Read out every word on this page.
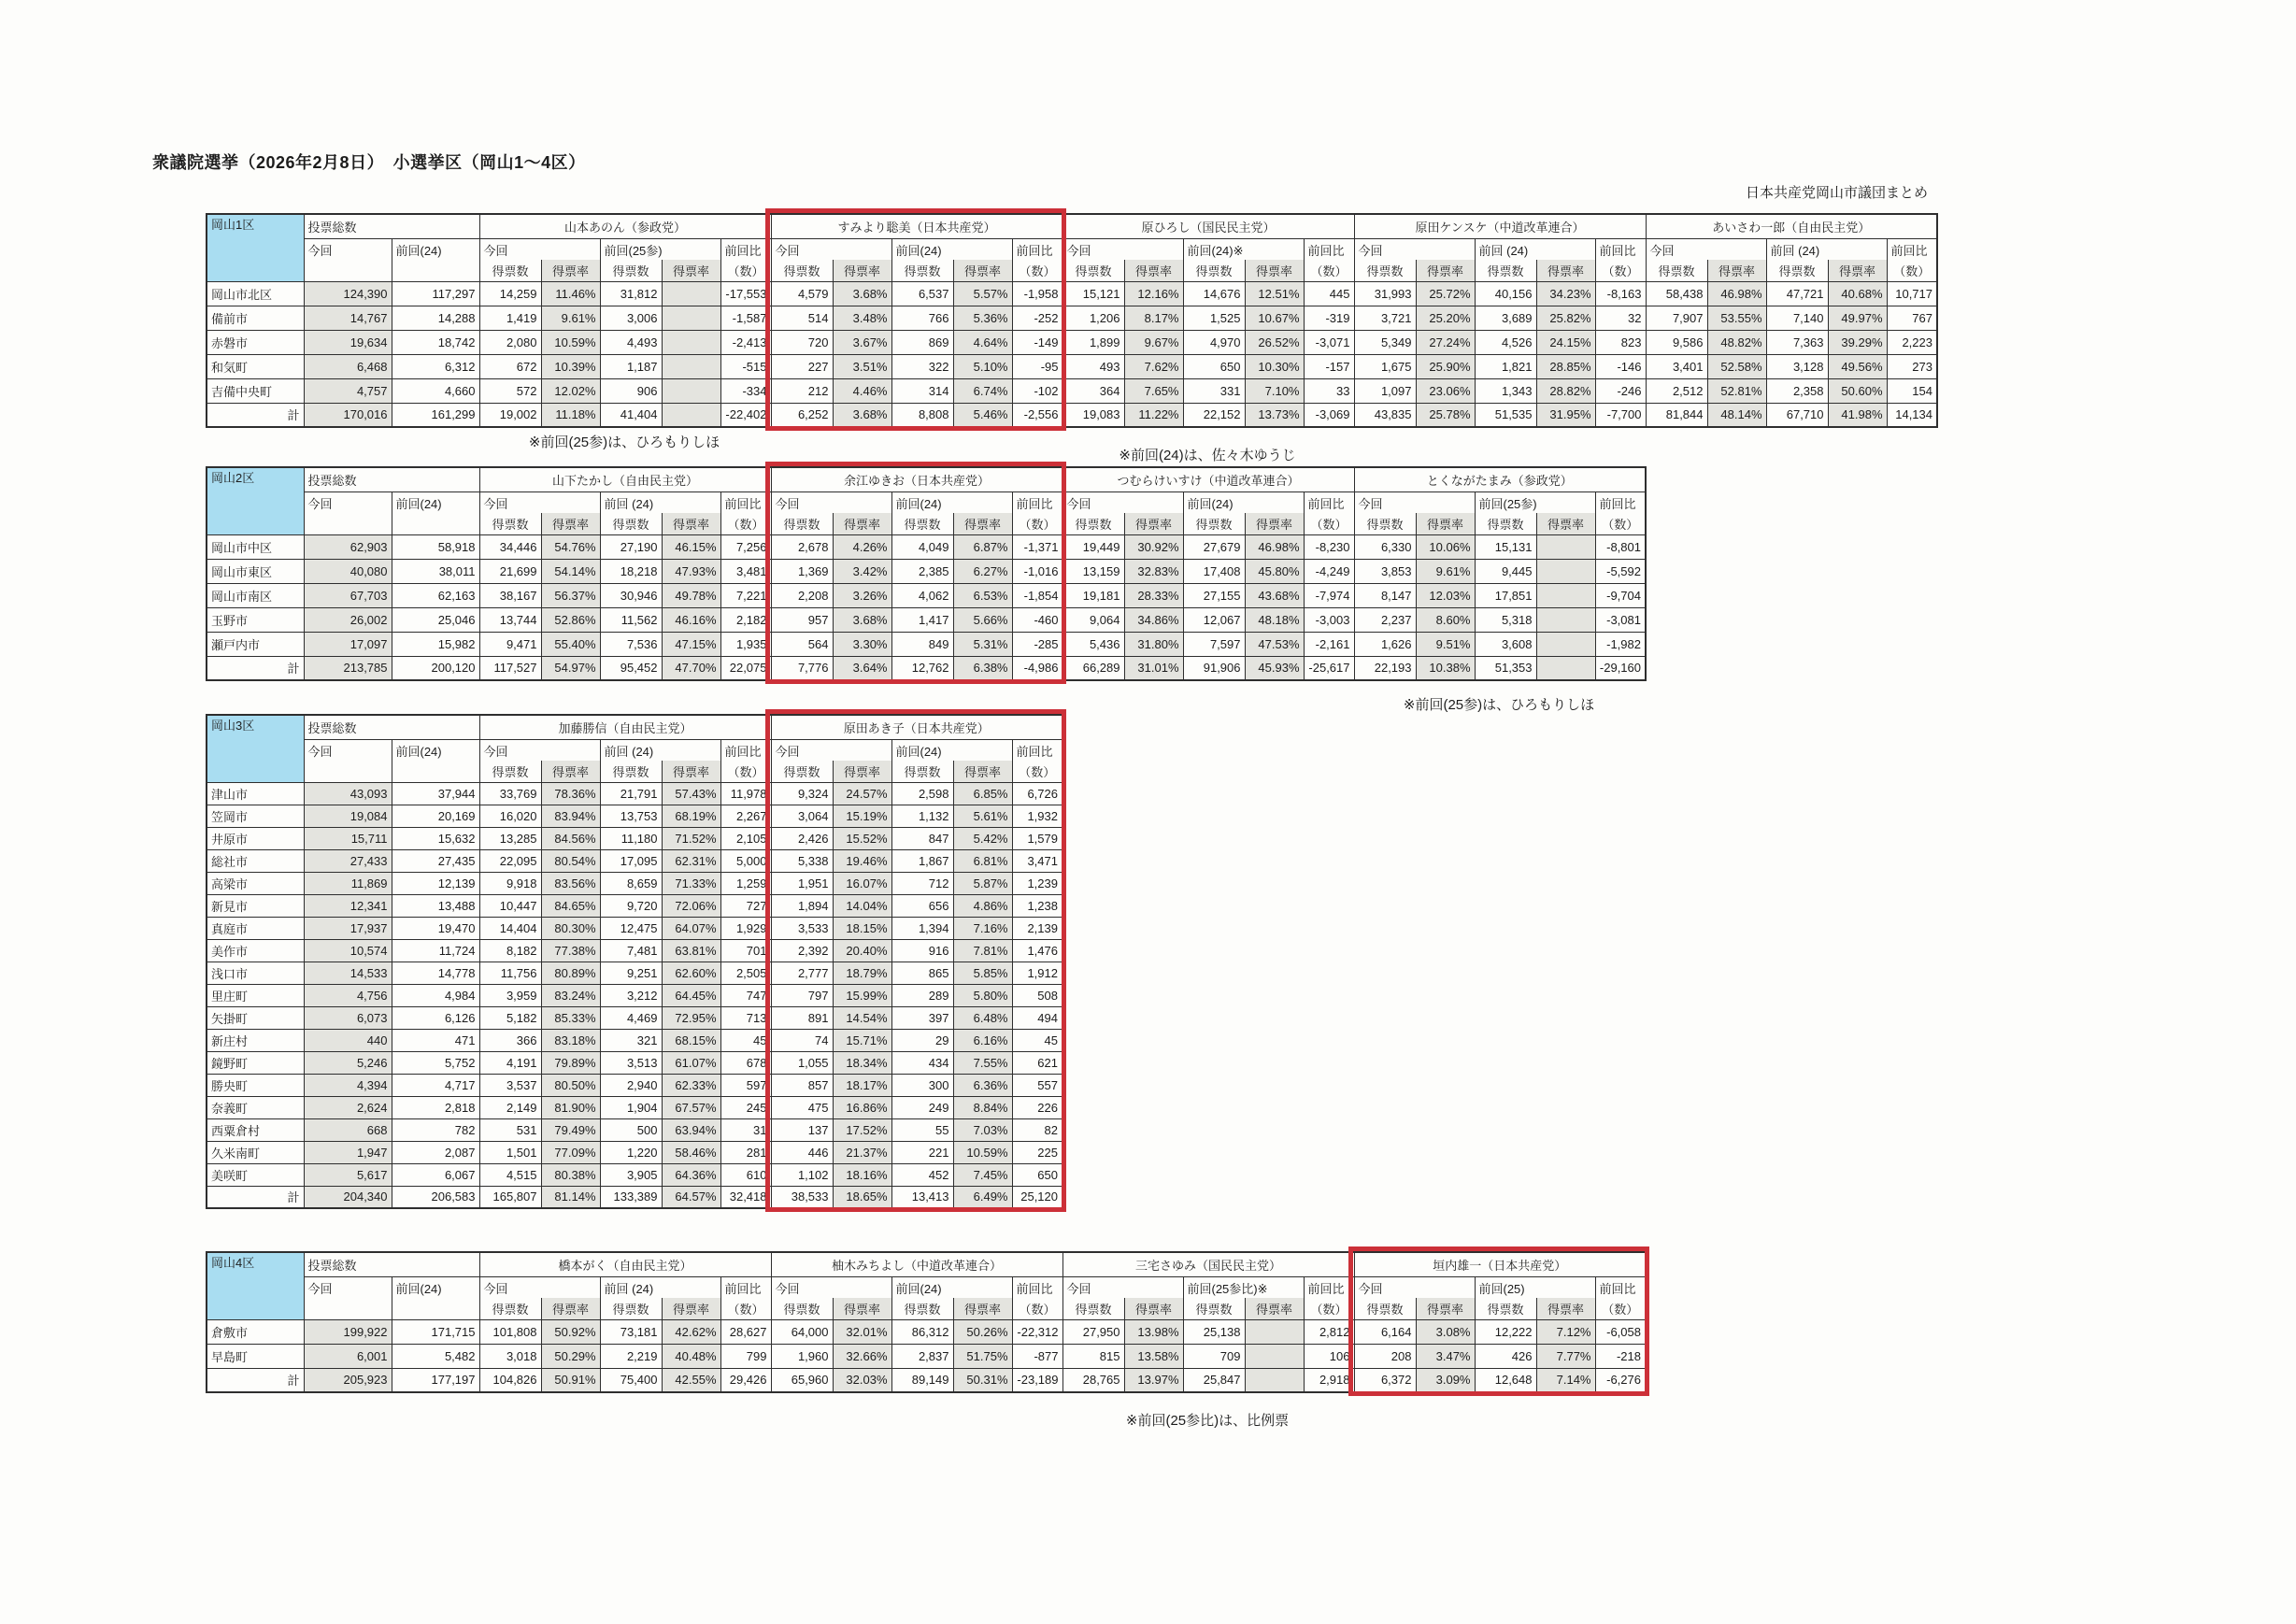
衆議院選挙（2026年2月8日）　小選挙区（岡山1～4区）
日本共産党岡山市議団まとめ
岡山1区	投票総数		山本あのん（参政党）					すみより聡美（日本共産党）					原ひろし（国民民主党）					原田ケンスケ（中道改革連合）					あいさわ一郎（自由民主党）				
	今回	前回(24)	今回		前回(25参)		前回比	今回		前回(24)		前回比	今回		前回(24)※		前回比	今回		前回 (24)		前回比	今回		前回 (24)		前回比
			得票数	得票率	得票数	得票率	（数）	得票数	得票率	得票数	得票率	（数）	得票数	得票率	得票数	得票率	（数）	得票数	得票率	得票数	得票率	（数）	得票数	得票率	得票数	得票率	（数）
岡山市北区	124,390	117,297	14,259	11.46%	31,812		-17,553	4,579	3.68%	6,537	5.57%	-1,958	15,121	12.16%	14,676	12.51%	445	31,993	25.72%	40,156	34.23%	-8,163	58,438	46.98%	47,721	40.68%	10,717
備前市	14,767	14,288	1,419	9.61%	3,006		-1,587	514	3.48%	766	5.36%	-252	1,206	8.17%	1,525	10.67%	-319	3,721	25.20%	3,689	25.82%	32	7,907	53.55%	7,140	49.97%	767
赤磐市	19,634	18,742	2,080	10.59%	4,493		-2,413	720	3.67%	869	4.64%	-149	1,899	9.67%	4,970	26.52%	-3,071	5,349	27.24%	4,526	24.15%	823	9,586	48.82%	7,363	39.29%	2,223
和気町	6,468	6,312	672	10.39%	1,187		-515	227	3.51%	322	5.10%	-95	493	7.62%	650	10.30%	-157	1,675	25.90%	1,821	28.85%	-146	3,401	52.58%	3,128	49.56%	273
吉備中央町	4,757	4,660	572	12.02%	906		-334	212	4.46%	314	6.74%	-102	364	7.65%	331	7.10%	33	1,097	23.06%	1,343	28.82%	-246	2,512	52.81%	2,358	50.60%	154
計	170,016	161,299	19,002	11.18%	41,404		-22,402	6,252	3.68%	8,808	5.46%	-2,556	19,083	11.22%	22,152	13.73%	-3,069	43,835	25.78%	51,535	31.95%	-7,700	81,844	48.14%	67,710	41.98%	14,134
※前回(25参)は、ひろもりしほ
※前回(24)は、佐々木ゆうじ
岡山2区	投票総数		山下たかし（自由民主党）					余江ゆきお（日本共産党）					つむらけいすけ（中道改革連合）					とくながたまみ（参政党）				
	今回	前回(24)	今回		前回 (24)		前回比	今回		前回(24)		前回比	今回		前回(24)		前回比	今回		前回(25参)		前回比
			得票数	得票率	得票数	得票率	（数）	得票数	得票率	得票数	得票率	（数）	得票数	得票率	得票数	得票率	（数）	得票数	得票率	得票数	得票率	（数）
岡山市中区	62,903	58,918	34,446	54.76%	27,190	46.15%	7,256	2,678	4.26%	4,049	6.87%	-1,371	19,449	30.92%	27,679	46.98%	-8,230	6,330	10.06%	15,131		-8,801
岡山市東区	40,080	38,011	21,699	54.14%	18,218	47.93%	3,481	1,369	3.42%	2,385	6.27%	-1,016	13,159	32.83%	17,408	45.80%	-4,249	3,853	9.61%	9,445		-5,592
岡山市南区	67,703	62,163	38,167	56.37%	30,946	49.78%	7,221	2,208	3.26%	4,062	6.53%	-1,854	19,181	28.33%	27,155	43.68%	-7,974	8,147	12.03%	17,851		-9,704
玉野市	26,002	25,046	13,744	52.86%	11,562	46.16%	2,182	957	3.68%	1,417	5.66%	-460	9,064	34.86%	12,067	48.18%	-3,003	2,237	8.60%	5,318		-3,081
瀬戸内市	17,097	15,982	9,471	55.40%	7,536	47.15%	1,935	564	3.30%	849	5.31%	-285	5,436	31.80%	7,597	47.53%	-2,161	1,626	9.51%	3,608		-1,982
計	213,785	200,120	117,527	54.97%	95,452	47.70%	22,075	7,776	3.64%	12,762	6.38%	-4,986	66,289	31.01%	91,906	45.93%	-25,617	22,193	10.38%	51,353		-29,160
※前回(25参)は、ひろもりしほ
岡山3区	投票総数		加藤勝信（自由民主党）					原田あき子（日本共産党）				
	今回	前回(24)	今回		前回 (24)		前回比	今回		前回(24)		前回比
			得票数	得票率	得票数	得票率	（数）	得票数	得票率	得票数	得票率	（数）
津山市	43,093	37,944	33,769	78.36%	21,791	57.43%	11,978	9,324	24.57%	2,598	6.85%	6,726
笠岡市	19,084	20,169	16,020	83.94%	13,753	68.19%	2,267	3,064	15.19%	1,132	5.61%	1,932
井原市	15,711	15,632	13,285	84.56%	11,180	71.52%	2,105	2,426	15.52%	847	5.42%	1,579
総社市	27,433	27,435	22,095	80.54%	17,095	62.31%	5,000	5,338	19.46%	1,867	6.81%	3,471
高梁市	11,869	12,139	9,918	83.56%	8,659	71.33%	1,259	1,951	16.07%	712	5.87%	1,239
新見市	12,341	13,488	10,447	84.65%	9,720	72.06%	727	1,894	14.04%	656	4.86%	1,238
真庭市	17,937	19,470	14,404	80.30%	12,475	64.07%	1,929	3,533	18.15%	1,394	7.16%	2,139
美作市	10,574	11,724	8,182	77.38%	7,481	63.81%	701	2,392	20.40%	916	7.81%	1,476
浅口市	14,533	14,778	11,756	80.89%	9,251	62.60%	2,505	2,777	18.79%	865	5.85%	1,912
里庄町	4,756	4,984	3,959	83.24%	3,212	64.45%	747	797	15.99%	289	5.80%	508
矢掛町	6,073	6,126	5,182	85.33%	4,469	72.95%	713	891	14.54%	397	6.48%	494
新庄村	440	471	366	83.18%	321	68.15%	45	74	15.71%	29	6.16%	45
鏡野町	5,246	5,752	4,191	79.89%	3,513	61.07%	678	1,055	18.34%	434	7.55%	621
勝央町	4,394	4,717	3,537	80.50%	2,940	62.33%	597	857	18.17%	300	6.36%	557
奈義町	2,624	2,818	2,149	81.90%	1,904	67.57%	245	475	16.86%	249	8.84%	226
西粟倉村	668	782	531	79.49%	500	63.94%	31	137	17.52%	55	7.03%	82
久米南町	1,947	2,087	1,501	77.09%	1,220	58.46%	281	446	21.37%	221	10.59%	225
美咲町	5,617	6,067	4,515	80.38%	3,905	64.36%	610	1,102	18.16%	452	7.45%	650
計	204,340	206,583	165,807	81.14%	133,389	64.57%	32,418	38,533	18.65%	13,413	6.49%	25,120
岡山4区	投票総数		橋本がく（自由民主党）					柚木みちよし（中道改革連合）					三宅さゆみ（国民民主党）					垣内雄一（日本共産党）				
	今回	前回(24)	今回		前回 (24)		前回比	今回		前回(24)		前回比	今回		前回(25参比)※		前回比	今回		前回(25)		前回比
			得票数	得票率	得票数	得票率	（数）	得票数	得票率	得票数	得票率	（数）	得票数	得票率	得票数	得票率	（数）	得票数	得票率	得票数	得票率	（数）
倉敷市	199,922	171,715	101,808	50.92%	73,181	42.62%	28,627	64,000	32.01%	86,312	50.26%	-22,312	27,950	13.98%	25,138		2,812	6,164	3.08%	12,222	7.12%	-6,058
早島町	6,001	5,482	3,018	50.29%	2,219	40.48%	799	1,960	32.66%	2,837	51.75%	-877	815	13.58%	709		106	208	3.47%	426	7.77%	-218
計	205,923	177,197	104,826	50.91%	75,400	42.55%	29,426	65,960	32.03%	89,149	50.31%	-23,189	28,765	13.97%	25,847		2,918	6,372	3.09%	12,648	7.14%	-6,276
※前回(25参比)は、比例票
